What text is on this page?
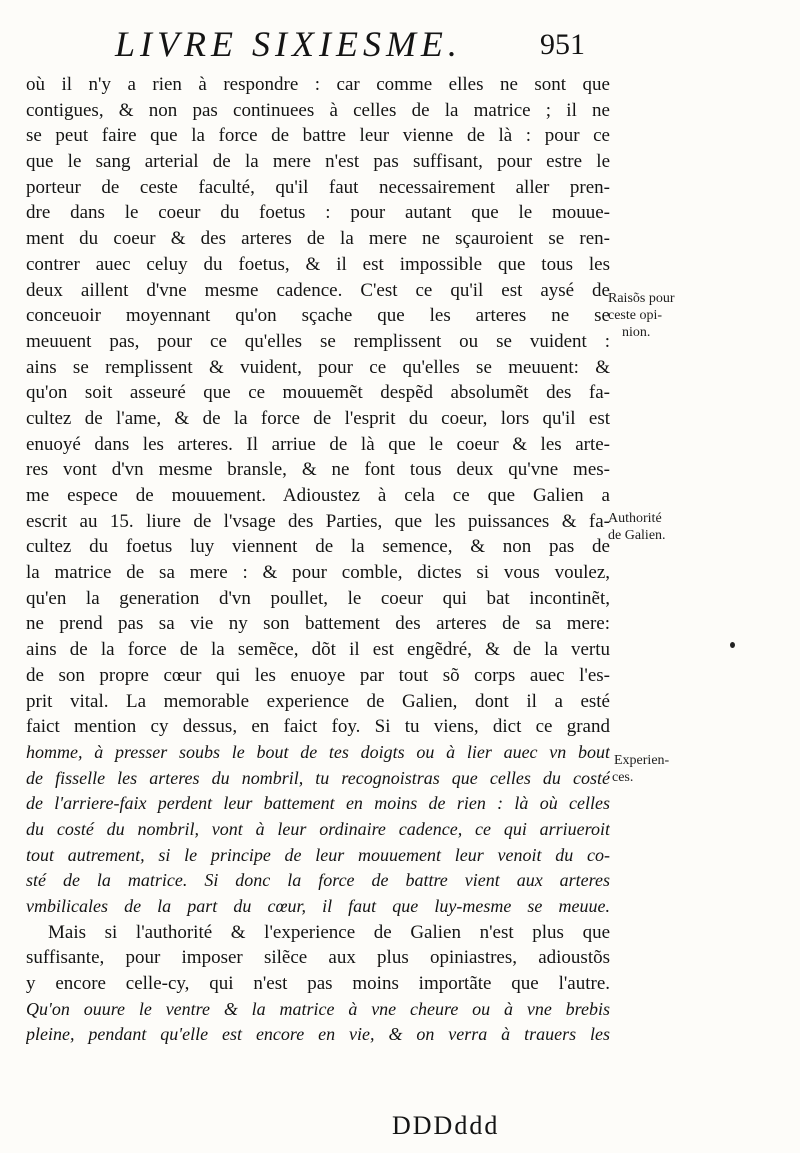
LIVRE SIXIESME.	951
où il n'y a rien à respondre : car comme elles ne sont que
contigues, & non pas continuees à celles de la matrice ; il ne
se peut faire que la force de battre leur vienne de là : pour ce
que le sang arterial de la mere n'est pas suffisant, pour estre le
porteur de ceste faculté, qu'il faut necessairement aller pren-
dre dans le coeur du foetus : pour autant que le mouue-
ment du coeur & des arteres de la mere ne sçauroient se ren-
contrer auec celuy du foetus, & il est impossible que tous les
deux aillent d'vne mesme cadence. C'est ce qu'il est aysé de
conceuoir moyennant qu'on sçache que les arteres ne se
meuuent pas, pour ce qu'elles se remplissent ou se vuident :
ains se remplissent & vuident, pour ce qu'elles se meuuent: &
qu'on soit asseuré que ce mouuemẽt despẽd absolumẽt des fa-
cultez de l'ame, & de la force de l'esprit du coeur, lors qu'il est
enuoyé dans les arteres. Il arriue de là que le coeur & les arte-
res vont d'vn mesme bransle, & ne font tous deux qu'vne mes-
me espece de mouuement. Adioustez à cela ce que Galien a
escrit au 15. liure de l'vsage des Parties, que les puissances & fa-
cultez du foetus luy viennent de la semence, & non pas de
la matrice de sa mere : & pour comble, dictes si vous voulez,
qu'en la generation d'vn poullet, le coeur qui bat incontinẽt,
ne prend pas sa vie ny son battement des arteres de sa mere:
ains de la force de la semẽce, dõt il est engẽdré, & de la vertu
de son propre cœur qui les enuoye par tout sõ corps auec l'es-
prit vital. La memorable experience de Galien, dont il a esté
faict mention cy dessus, en faict foy. Si tu viens, dict ce grand
homme, à presser soubs le bout de tes doigts ou à lier auec vn bout
de fisselle les arteres du nombril, tu recognoistras que celles du costé
de l'arriere-faix perdent leur battement en moins de rien : là où celles
du costé du nombril, vont à leur ordinaire cadence, ce qui arriueroit
tout autrement, si le principe de leur mouuement leur venoit du co-
sté de la matrice. Si donc la force de battre vient aux arteres
vmbilicales de la part du cœur, il faut que luy-mesme se meuue.
Mais si l'authorité & l'experience de Galien n'est plus que
suffisante, pour imposer silẽce aux plus opiniastres, adioustõs
y encore celle-cy, qui n'est pas moins importãte que l'autre.
Qu'on ouure le ventre & la matrice à vne cheure ou à vne brebis
pleine, pendant qu'elle est encore en vie, & on verra à trauers les
Raisõs pour
ceste opi-
nion.
Authorité
de Galien.
Experien-
ces.
DDDddd
